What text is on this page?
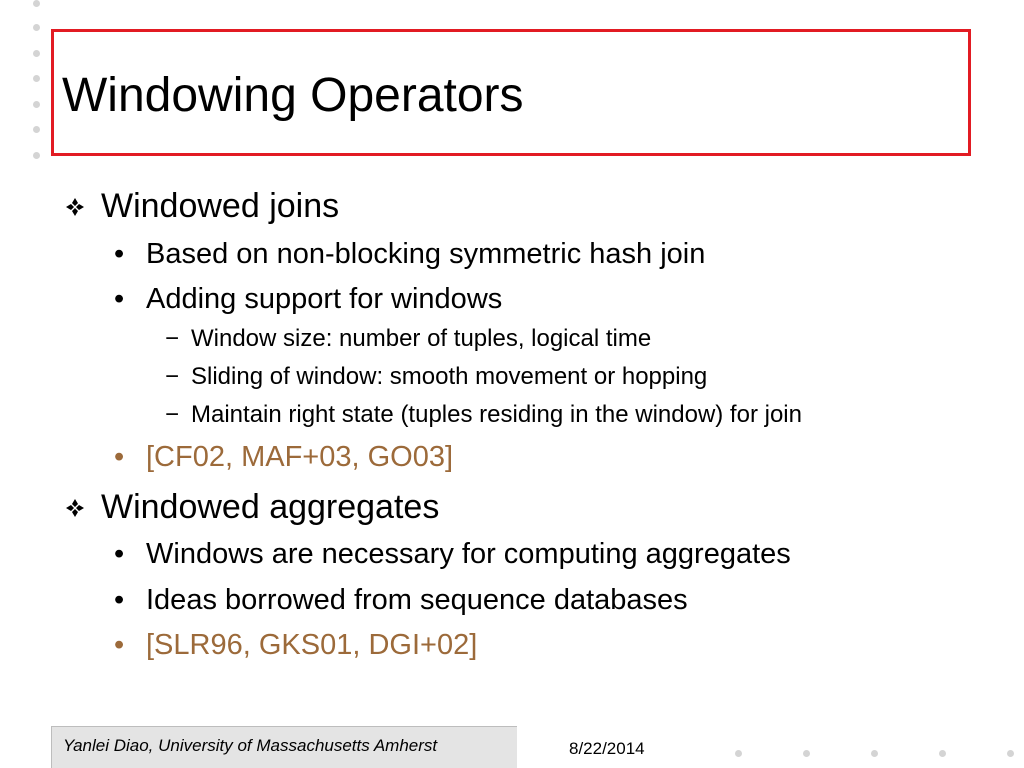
Windowing Operators
Windowed joins
• Based on non-blocking symmetric hash join
• Adding support for windows
− Window size: number of tuples, logical time
− Sliding of window: smooth movement or hopping
− Maintain right state (tuples residing in the window) for join
• [CF02, MAF+03, GO03]
Windowed aggregates
• Windows are necessary for computing aggregates
• Ideas borrowed from sequence databases
• [SLR96, GKS01, DGI+02]
Yanlei Diao, University of Massachusetts Amherst	8/22/2014
